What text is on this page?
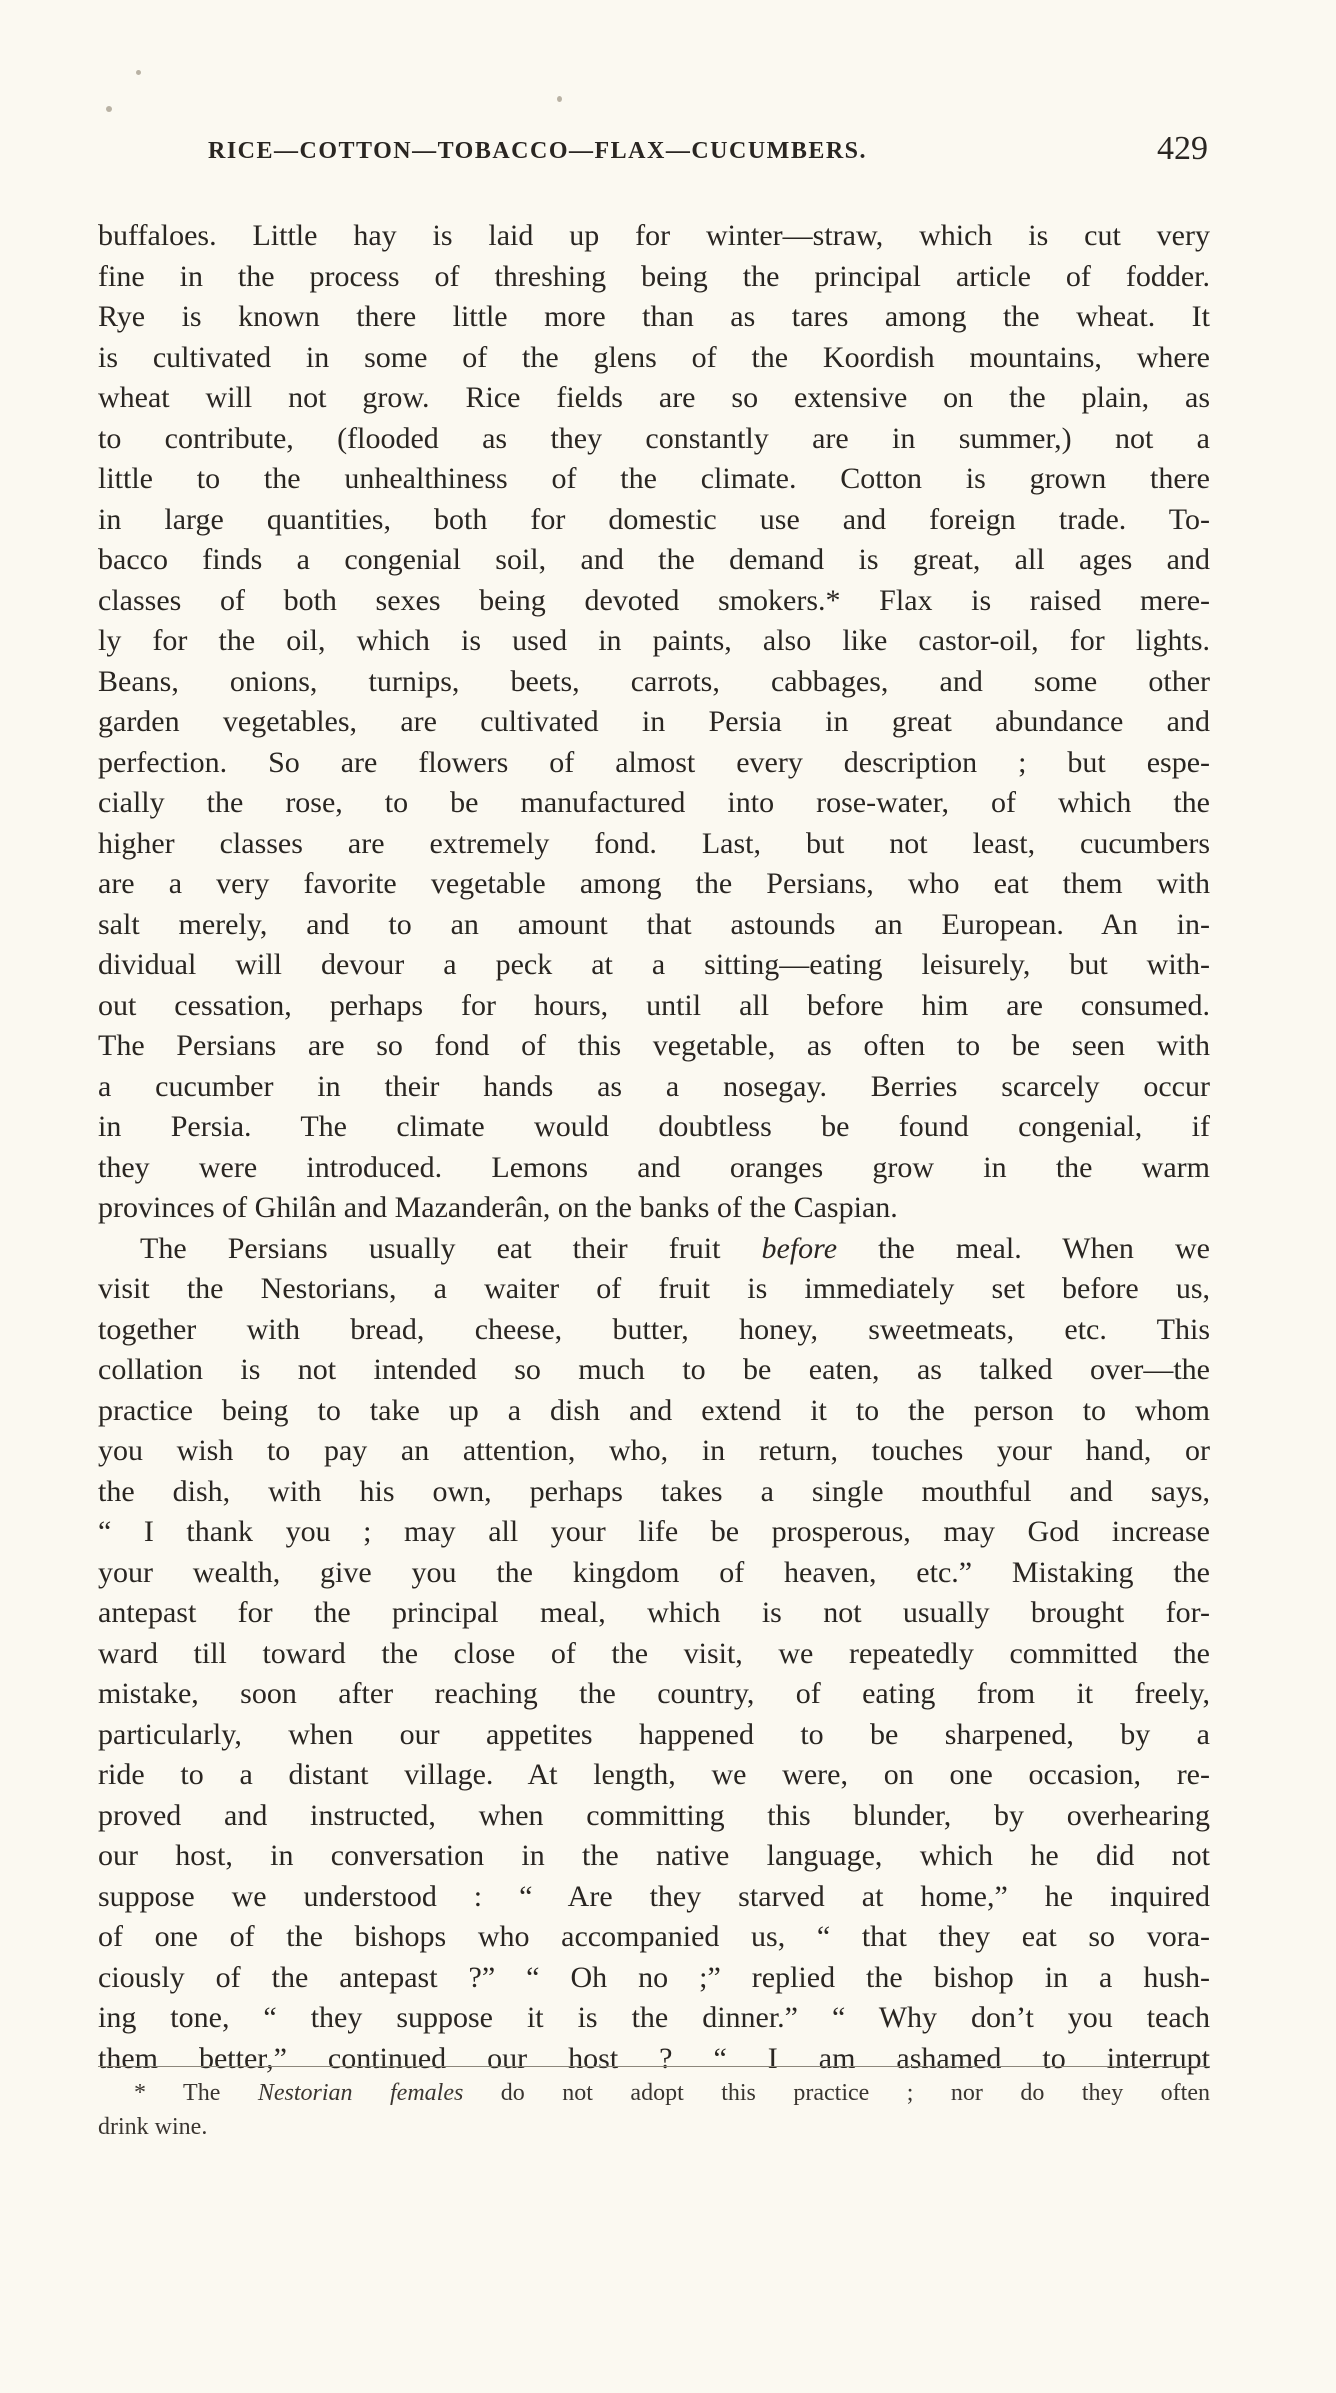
RICE—COTTON—TOBACCO—FLAX—CUCUMBERS.	429
buffaloes. Little hay is laid up for winter—straw, which is cut very
fine in the process of threshing being the principal article of fodder.
Rye is known there little more than as tares among the wheat. It
is cultivated in some of the glens of the Koordish mountains, where
wheat will not grow. Rice fields are so extensive on the plain, as
to contribute, (flooded as they constantly are in summer,) not a
little to the unhealthiness of the climate. Cotton is grown there
in large quantities, both for domestic use and foreign trade. To-
bacco finds a congenial soil, and the demand is great, all ages and
classes of both sexes being devoted smokers.* Flax is raised mere-
ly for the oil, which is used in paints, also like castor-oil, for lights.
Beans, onions, turnips, beets, carrots, cabbages, and some other
garden vegetables, are cultivated in Persia in great abundance and
perfection. So are flowers of almost every description ; but espe-
cially the rose, to be manufactured into rose-water, of which the
higher classes are extremely fond. Last, but not least, cucumbers
are a very favorite vegetable among the Persians, who eat them with
salt merely, and to an amount that astounds an European. An in-
dividual will devour a peck at a sitting—eating leisurely, but with-
out cessation, perhaps for hours, until all before him are consumed.
The Persians are so fond of this vegetable, as often to be seen with
a cucumber in their hands as a nosegay. Berries scarcely occur
in Persia. The climate would doubtless be found congenial, if
they were introduced. Lemons and oranges grow in the warm
provinces of Ghilân and Mazanderân, on the banks of the Caspian.
The Persians usually eat their fruit before the meal. When we
visit the Nestorians, a waiter of fruit is immediately set before us,
together with bread, cheese, butter, honey, sweetmeats, etc. This
collation is not intended so much to be eaten, as talked over—the
practice being to take up a dish and extend it to the person to whom
you wish to pay an attention, who, in return, touches your hand, or
the dish, with his own, perhaps takes a single mouthful and says,
“ I thank you ; may all your life be prosperous, may God increase
your wealth, give you the kingdom of heaven, etc.” Mistaking the
antepast for the principal meal, which is not usually brought for-
ward till toward the close of the visit, we repeatedly committed the
mistake, soon after reaching the country, of eating from it freely,
particularly, when our appetites happened to be sharpened, by a
ride to a distant village. At length, we were, on one occasion, re-
proved and instructed, when committing this blunder, by overhearing
our host, in conversation in the native language, which he did not
suppose we understood : “ Are they starved at home,” he inquired
of one of the bishops who accompanied us, “ that they eat so vora-
ciously of the antepast ?” “ Oh no ;” replied the bishop in a hush-
ing tone, “ they suppose it is the dinner.” “ Why don’t you teach
them better,” continued our host ? “ I am ashamed to interrupt
* The Nestorian females do not adopt this practice ; nor do they often
drink wine.
